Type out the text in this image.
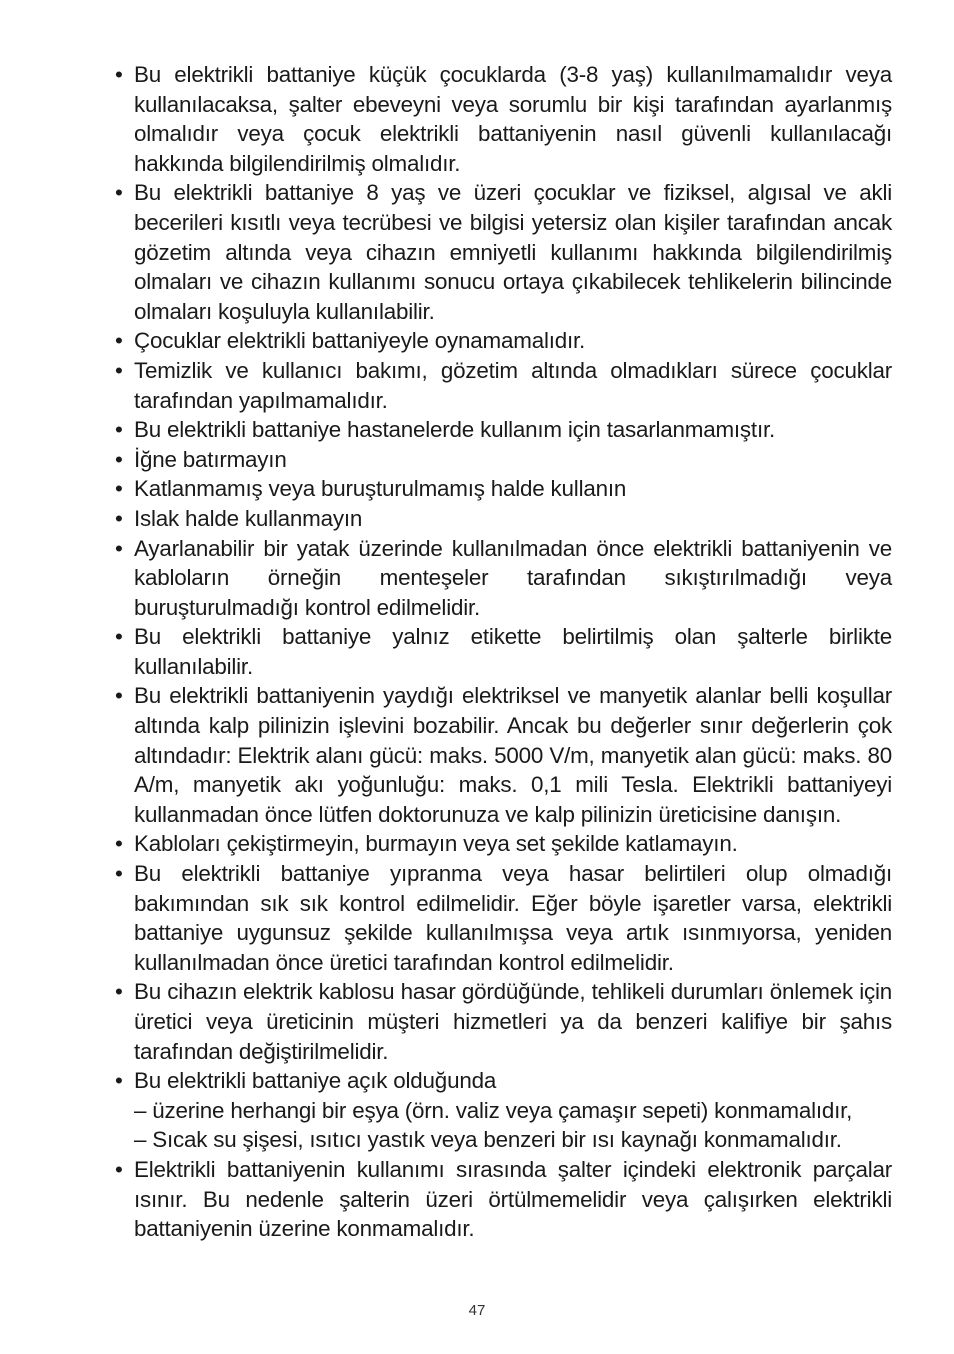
• Bu elektrikli battaniye küçük çocuklarda (3-8 yaş) kullanılmamalıdır veya kullanılacaksa, şalter ebeveyni veya sorumlu bir kişi tarafından ayarlanmış olmalıdır veya çocuk elektrikli battaniyenin nasıl güvenli kullanılacağı hakkında bilgilendirilmiş olmalıdır.
• Bu elektrikli battaniye 8 yaş ve üzeri çocuklar ve fiziksel, algısal ve akli becerileri kısıtlı veya tecrübesi ve bilgisi yetersiz olan kişiler tarafından ancak gözetim altında veya cihazın emniyetli kullanımı hakkında bilgilendirilmiş olmaları ve cihazın kullanımı sonucu ortaya çıkabilecek tehlikelerin bilincinde olmaları koşuluyla kullanılabilir.
• Çocuklar elektrikli battaniyeyle oynamamalıdır.
• Temizlik ve kullanıcı bakımı, gözetim altında olmadıkları sürece çocuklar tarafından yapılmamalıdır.
• Bu elektrikli battaniye hastanelerde kullanım için tasarlanmamıştır.
• İğne batırmayın
• Katlanmamış veya buruşturulmamış halde kullanın
• Islak halde kullanmayın
• Ayarlanabilir bir yatak üzerinde kullanılmadan önce elektrikli battaniyenin ve kabloların örneğin menteşeler tarafından sıkıştırılmadığı veya buruşturulmadığı kontrol edilmelidir.
• Bu elektrikli battaniye yalnız etikette belirtilmiş olan şalterle birlikte kullanılabilir.
• Bu elektrikli battaniyenin yaydığı elektriksel ve manyetik alanlar belli koşullar altında kalp pilinizin işlevini bozabilir. Ancak bu değerler sınır değerlerin çok altındadır: Elektrik alanı gücü: maks. 5000 V/m, manyetik alan gücü: maks. 80 A/m, manyetik akı yoğunluğu: maks. 0,1 mili Tesla. Elektrikli battaniyeyi kullanmadan önce lütfen doktorunuza ve kalp pilinizin üreticisine danışın.
• Kabloları çekiştirmeyin, burmayın veya set şekilde katlamayın.
• Bu elektrikli battaniye yıpranma veya hasar belirtileri olup olmadığı bakımından sık sık kontrol edilmelidir. Eğer böyle işaretler varsa, elektrikli battaniye uygunsuz şekilde kullanılmışsa veya artık ısınmıyorsa, yeniden kullanılmadan önce üretici tarafından kontrol edilmelidir.
• Bu cihazın elektrik kablosu hasar gördüğünde, tehlikeli durumları önlemek için üretici veya üreticinin müşteri hizmetleri ya da benzeri kalifiye bir şahıs tarafından değiştirilmelidir.
• Bu elektrikli battaniye açık olduğunda
– üzerine herhangi bir eşya (örn. valiz veya çamaşır sepeti) konmamalıdır,
– Sıcak su şişesi, ısıtıcı yastık veya benzeri bir ısı kaynağı konmamalıdır.
• Elektrikli battaniyenin kullanımı sırasında şalter içindeki elektronik parçalar ısınır. Bu nedenle şalterin üzeri örtülmemelidir veya çalışırken elektrikli battaniyenin üzerine konmamalıdır.
47
